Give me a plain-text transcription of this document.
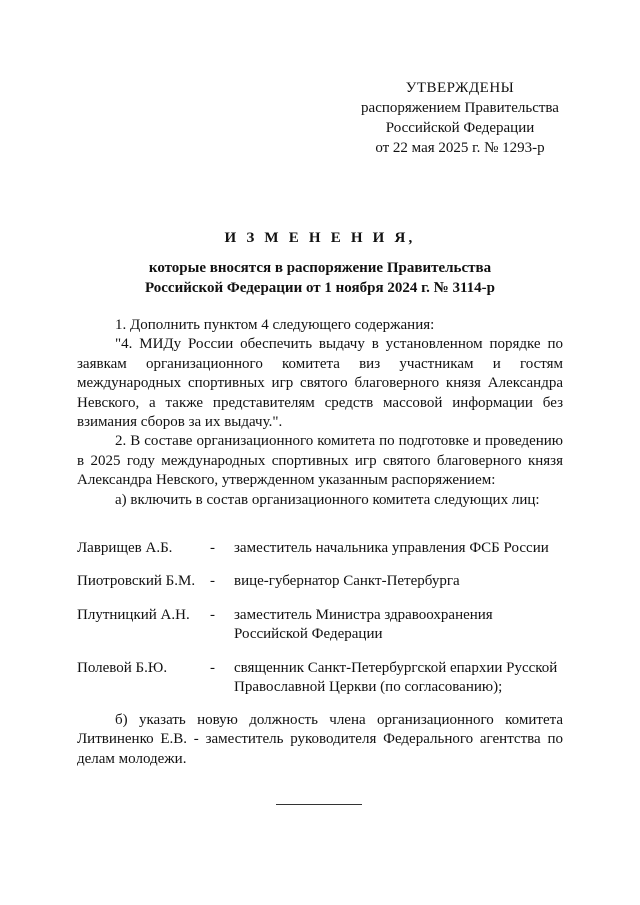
УТВЕРЖДЕНЫ
распоряжением Правительства
Российской Федерации
от 22 мая 2025 г. № 1293-р
И З М Е Н Е Н И Я,
которые вносятся в распоряжение Правительства
Российской Федерации от 1 ноября 2024 г. № 3114-р

1. Дополнить пунктом 4 следующего содержания:

"4. МИДу России обеспечить выдачу в установленном порядке по заявкам организационного комитета виз участникам и гостям международных спортивных игр святого благоверного князя Александра Невского, а также представителям средств массовой информации без взимания сборов за их выдачу.".

2. В составе организационного комитета по подготовке и проведению в 2025 году международных спортивных игр святого благоверного князя Александра Невского, утвержденном указанным распоряжением:

а) включить в состав организационного комитета следующих лиц:

Лаврищев А.Б.	-	заместитель начальника управления ФСБ России
Пиотровский Б.М. -	вице-губернатор Санкт-Петербурга
Плутницкий А.Н.	-	заместитель Министра здравоохранения Российской Федерации
Полевой Б.Ю.	-	священник Санкт-Петербургской епархии Русской Православной Церкви (по согласованию);

б) указать новую должность члена организационного комитета Литвиненко Е.В. - заместитель руководителя Федерального агентства по делам молодежи.
